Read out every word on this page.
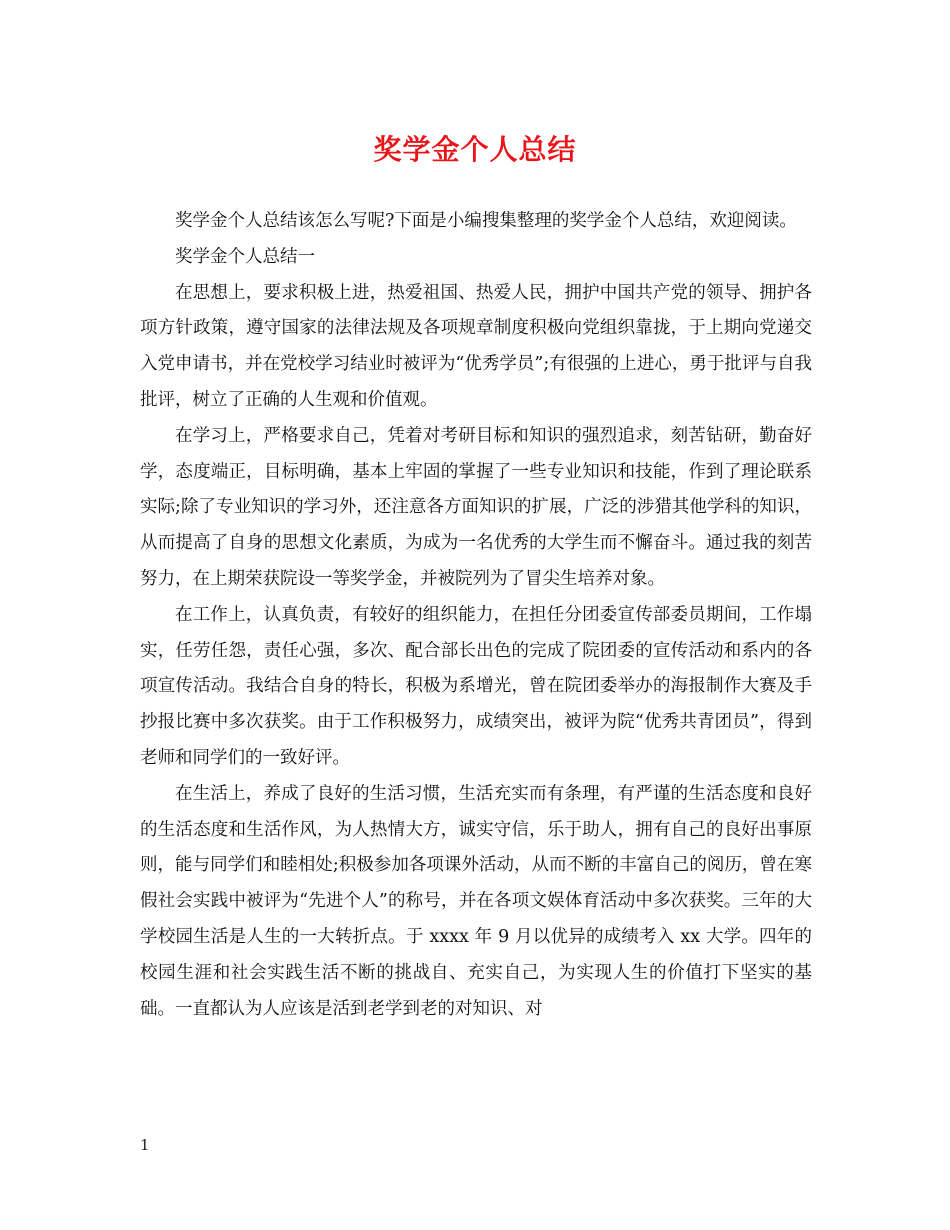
奖学金个人总结

奖学金个人总结该怎么写呢?下面是小编搜集整理的奖学金个人总结，欢迎阅读。

奖学金个人总结一

在思想上，要求积极上进，热爱祖国、热爱人民，拥护中国共产党的领导、拥护各项方针政策，遵守国家的法律法规及各项规章制度积极向党组织靠拢，于上期向党递交入党申请书，并在党校学习结业时被评为“优秀学员”;有很强的上进心，勇于批评与自我批评，树立了正确的人生观和价值观。

在学习上，严格要求自己，凭着对考研目标和知识的强烈追求，刻苦钻研，勤奋好学，态度端正，目标明确，基本上牢固的掌握了一些专业知识和技能，作到了理论联系实际;除了专业知识的学习外，还注意各方面知识的扩展，广泛的涉猎其他学科的知识，从而提高了自身的思想文化素质，为成为一名优秀的大学生而不懈奋斗。通过我的刻苦努力，在上期荣获院设一等奖学金，并被院列为了冒尖生培养对象。

在工作上，认真负责，有较好的组织能力，在担任分团委宣传部委员期间，工作塌实，任劳任怨，责任心强，多次、配合部长出色的完成了院团委的宣传活动和系内的各项宣传活动。我结合自身的特长，积极为系增光，曾在院团委举办的海报制作大赛及手抄报比赛中多次获奖。由于工作积极努力，成绩突出，被评为院“优秀共青团员”，得到老师和同学们的一致好评。

在生活上，养成了良好的生活习惯，生活充实而有条理，有严谨的生活态度和良好的生活态度和生活作风，为人热情大方，诚实守信，乐于助人，拥有自己的良好出事原则，能与同学们和睦相处;积极参加各项课外活动，从而不断的丰富自己的阅历，曾在寒假社会实践中被评为“先进个人”的称号，并在各项文娱体育活动中多次获奖。三年的大学校园生活是人生的一大转折点。于 xxxx 年 9 月以优异的成绩考入 xx 大学。四年的校园生涯和社会实践生活不断的挑战自、充实自己，为实现人生的价值打下坚实的基础。一直都认为人应该是活到老学到老的对知识、对

1
